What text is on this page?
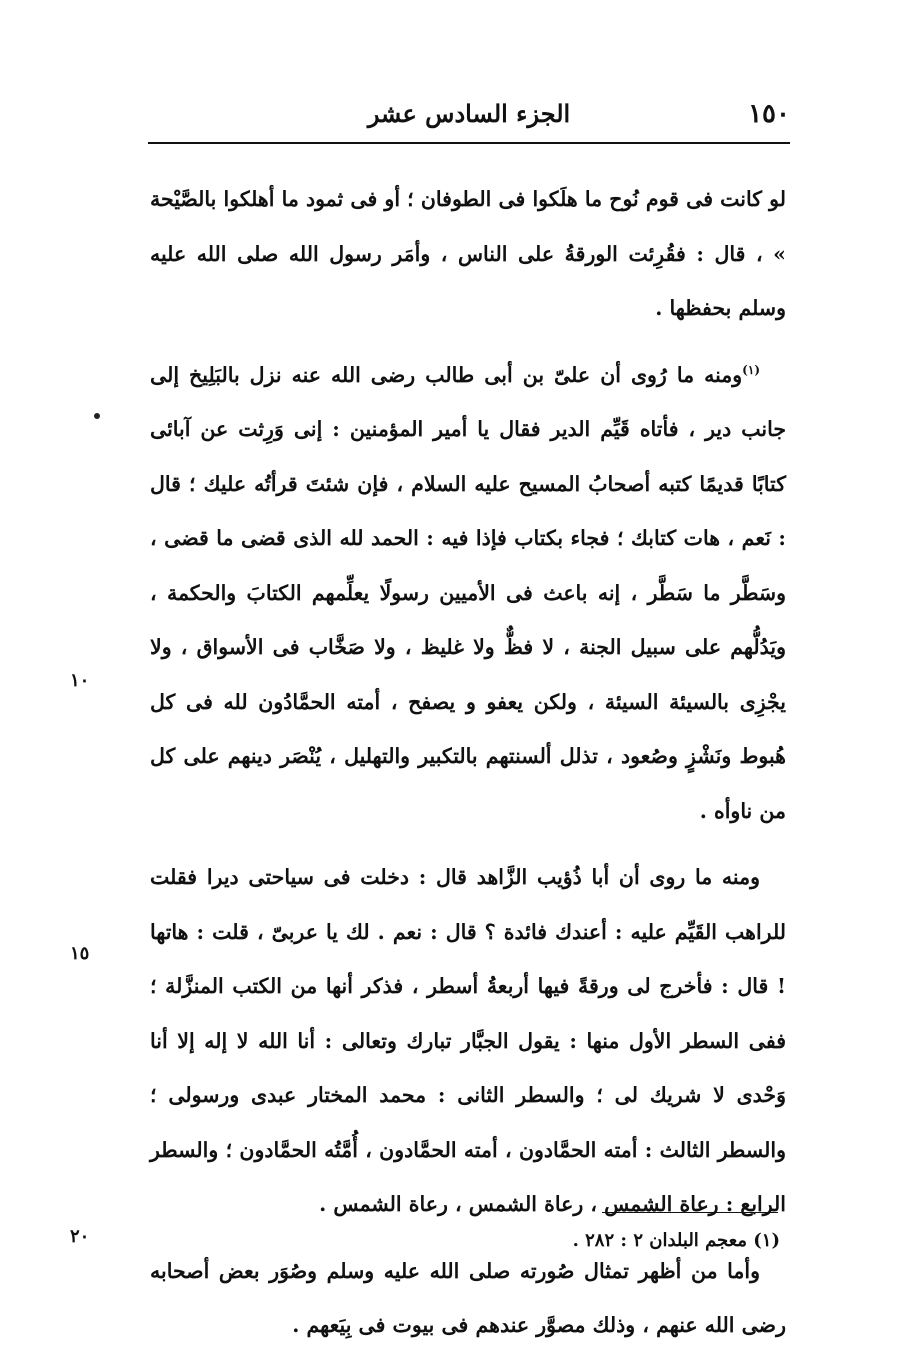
١٥٠
الجزء السادس عشر

لو كانت فى قوم نُوح ما هلَكوا فى الطوفان ؛ أو فى ثمود ما أهلكوا بالصَّيْحة » ، قال : فقُرِئت الورقةُ على الناس ، وأمَر رسول الله صلى الله عليه وسلم بحفظها .

$^{(١)}$ومنه ما رُوى أن علىّ بن أبى طالب رضى الله عنه نزل بالبَلِيخ إلى جانب دير ، فأتاه قَيِّم الدير فقال يا أمير المؤمنين : إنى وَرِثت عن آبائى كتابًا قديمًا كتبه أصحابُ المسيح عليه السلام ، فإن شئتَ قرأتُه عليك ؛ قال : نَعم ، هات كتابك ؛ فجاء بكتاب فإذا فيه : الحمد لله الذى قضى ما قضى ، وسَطَّر ما سَطَّر ، إنه باعث فى الأميين رسولًا يعلِّمهم الكتابَ والحكمة ، ويَدُلُّهم على سبيل الجنة ، لا فظٌّ ولا غليظ ، ولا صَخَّاب فى الأسواق ، ولا يجْزِى بالسيئة السيئة ، ولكن يعفو و يصفح ، أمته الحمَّادُون لله فى كل هُبوط ونَشْزٍ وصُعود ، تذلل ألسنتهم بالتكبير والتهليل ، يُنْصَر دينهم على كل من ناوأه .

ومنه ما روى أن أبا ذُؤيب الزَّاهد قال : دخلت فى سياحتى ديرا فقلت للراهب القَيِّم عليه : أعندك فائدة ؟ قال : نعم . لك يا عربىّ ، قلت : هاتها ! قال : فأخرج لى ورقةً فيها أربعةُ أسطر ، فذكر أنها من الكتب المنزَّلة ؛ ففى السطر الأول منها : يقول الجبَّار تبارك وتعالى : أنا الله لا إله إلا أنا وَحْدى لا شريك لى ؛ والسطر الثانى : محمد المختار عبدى ورسولى ؛ والسطر الثالث : أمته الحمَّادون ، أمته الحمَّادون ، أُمَّتُه الحمَّادون ؛ والسطر الرابع : رعاة الشمس ، رعاة الشمس ، رعاة الشمس .

وأما من أظهر تمثال صُورته صلى الله عليه وسلم وصُوَر بعض أصحابه رضى الله عنهم ، وذلك مصوَّر عندهم فى بيوت فى بِيَعهم .

١٠
١٥
٢٠	(١) معجم البلدان ٢ : ٢٨٢ .
